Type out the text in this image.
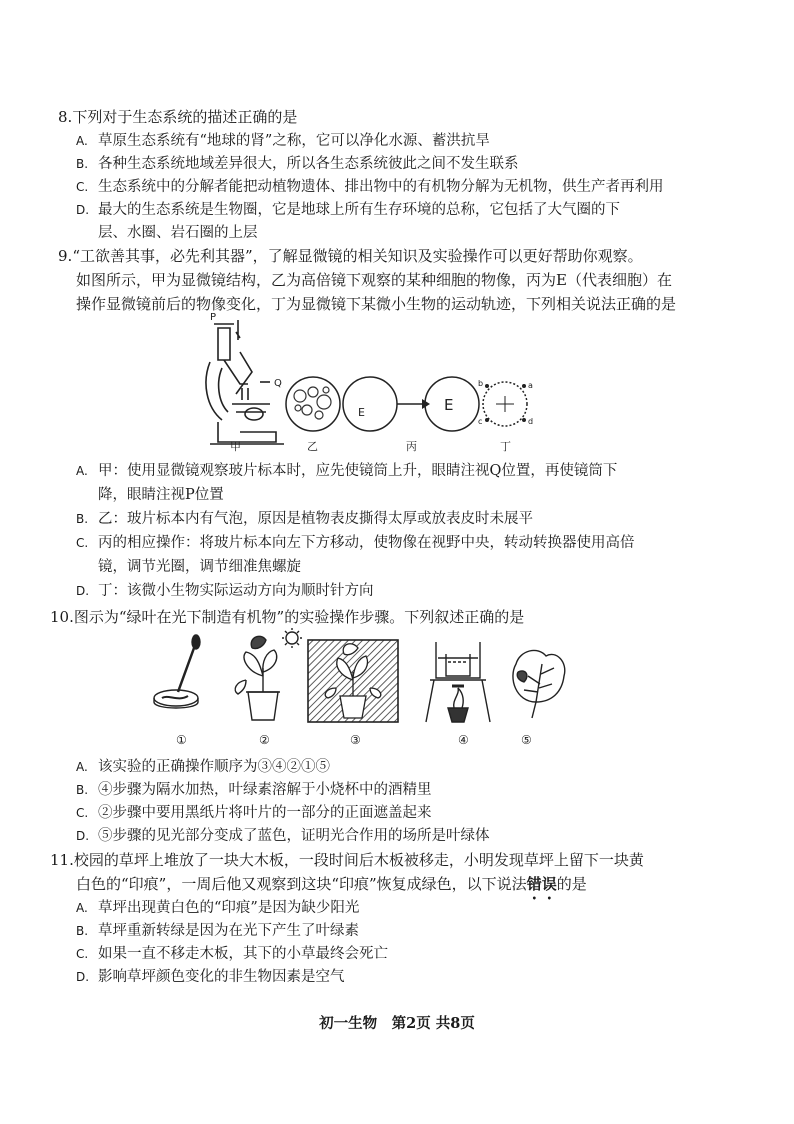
8.下列对于生态系统的描述正确的是
A. 草原生态系统有“地球的肾”之称，它可以净化水源、蓄洪抗旱
B. 各种生态系统地域差异很大，所以各生态系统彼此之间不发生联系
C. 生态系统中的分解者能把动植物遗体、排出物中的有机物分解为无机物，供生产者再利用
D. 最大的生态系统是生物圈，它是地球上所有生存环境的总称，它包括了大气圈的下
层、水圈、岩石圈的上层
9.“工欲善其事，必先利其器”，了解显微镜的相关知识及实验操作可以更好帮助你观察。
如图所示，甲为显微镜结构，乙为高倍镜下观察的某种细胞的物像，丙为E（代表细胞）在
操作显微镜前后的物像变化，丁为显微镜下某微小生物的运动轨迹，下列相关说法正确的是
P
Q
甲	乙
E	E
丙
a
b
c	d
丁
A. 甲：使用显微镜观察玻片标本时，应先使镜筒上升，眼睛注视Q位置，再使镜筒下
降，眼睛注视P位置
B. 乙：玻片标本内有气泡，原因是植物表皮撕得太厚或放表皮时未展平
C. 丙的相应操作：将玻片标本向左下方移动，使物像在视野中央，转动转换器使用高倍
镜，调节光圈，调节细准焦螺旋
D. 丁：该微小生物实际运动方向为顺时针方向
10.图示为“绿叶在光下制造有机物”的实验操作步骤。下列叙述正确的是
①	②	③	④	⑤
A. 该实验的正确操作顺序为③④②①⑤
B. ④步骤为隔水加热，叶绿素溶解于小烧杯中的酒精里
C. ②步骤中要用黑纸片将叶片的一部分的正面遮盖起来
D. ⑤步骤的见光部分变成了蓝色，证明光合作用的场所是叶绿体
11.校园的草坪上堆放了一块大木板，一段时间后木板被移走，小明发现草坪上留下一块黄
白色的“印痕”，一周后他又观察到这块“印痕”恢复成绿色，以下说法错误的是
A. 草坪出现黄白色的“印痕”是因为缺少阳光
B. 草坪重新转绿是因为在光下产生了叶绿素
C. 如果一直不移走木板，其下的小草最终会死亡
D. 影响草坪颜色变化的非生物因素是空气
初一生物　第2页 共8页
